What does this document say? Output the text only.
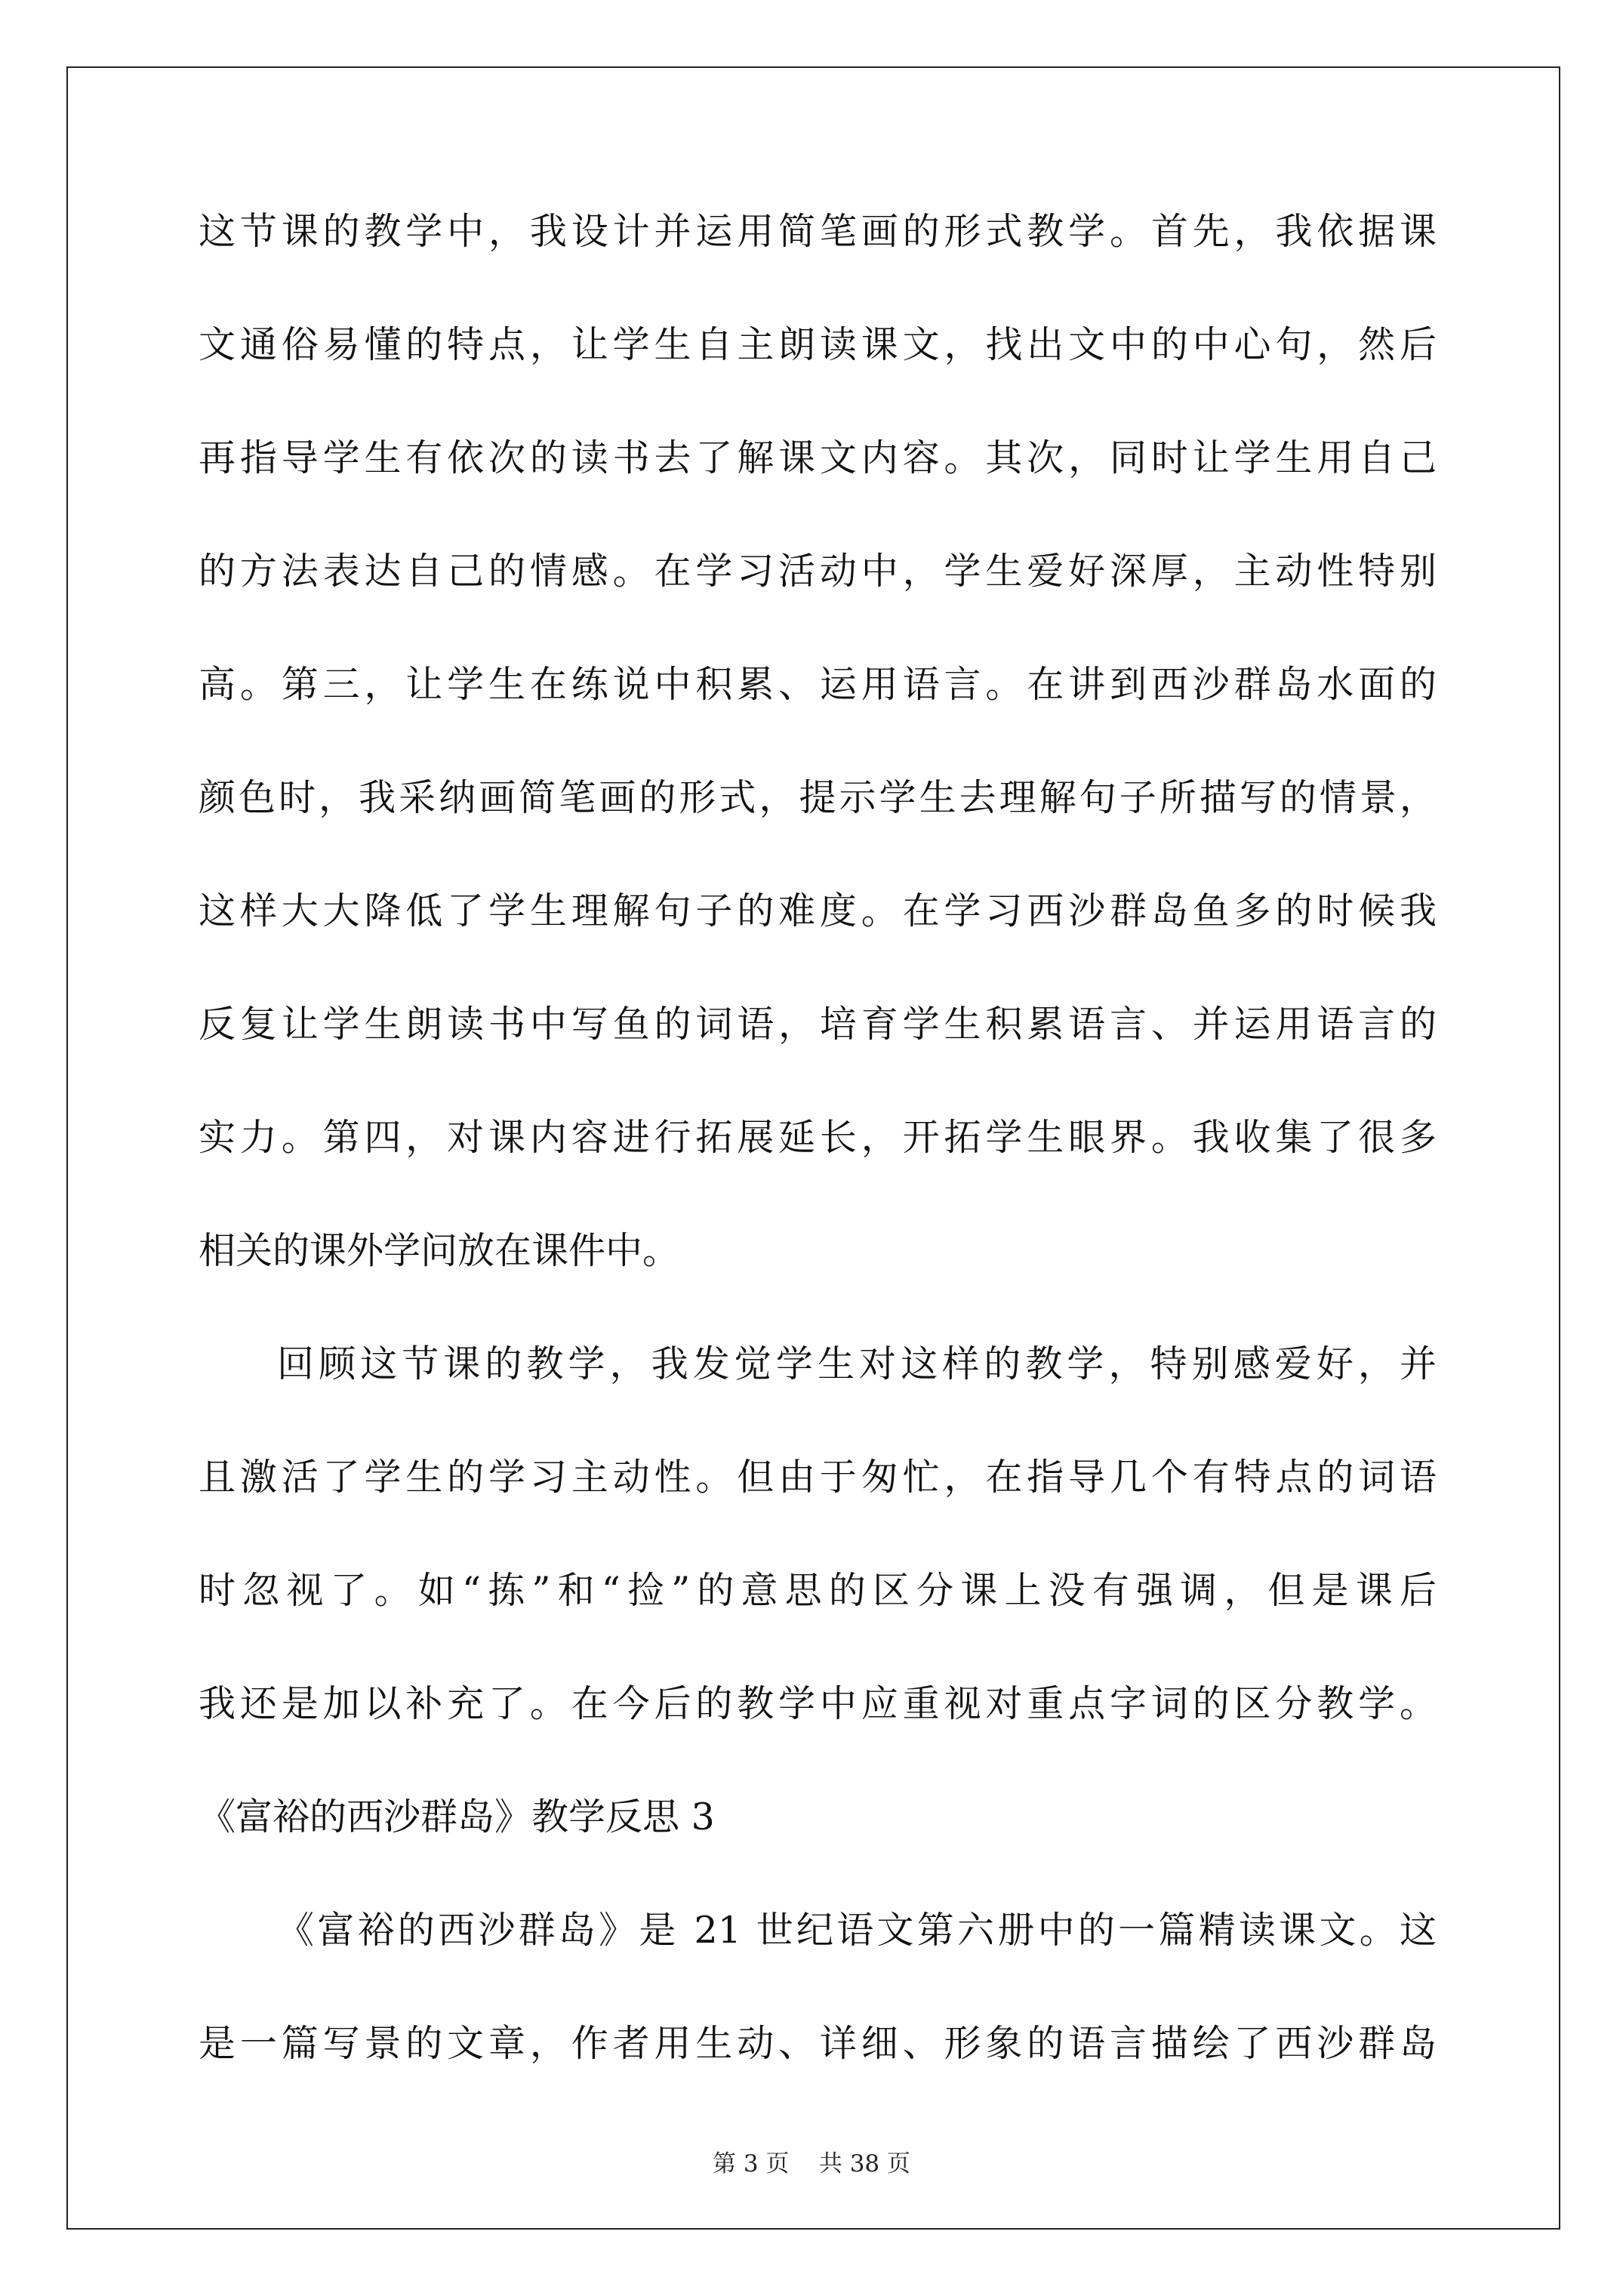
这节课的教学中，我设计并运用简笔画的形式教学。首先，我依据课
文通俗易懂的特点，让学生自主朗读课文，找出文中的中心句，然后
再指导学生有依次的读书去了解课文内容。其次，同时让学生用自己
的方法表达自己的情感。在学习活动中，学生爱好深厚，主动性特别
高。第三，让学生在练说中积累、运用语言。在讲到西沙群岛水面的
颜色时，我采纳画简笔画的形式，提示学生去理解句子所描写的情景，
这样大大降低了学生理解句子的难度。在学习西沙群岛鱼多的时候我
反复让学生朗读书中写鱼的词语，培育学生积累语言、并运用语言的
实力。第四，对课内容进行拓展延长，开拓学生眼界。我收集了很多
相关的课外学问放在课件中。
回顾这节课的教学，我发觉学生对这样的教学，特别感爱好，并
且激活了学生的学习主动性。但由于匆忙，在指导几个有特点的词语
时忽视了。如“拣”和“捡”的意思的区分课上没有强调，但是课后
我还是加以补充了。在今后的教学中应重视对重点字词的区分教学。
《富裕的西沙群岛》教学反思 3
《富裕的西沙群岛》是 21 世纪语文第六册中的一篇精读课文。这
是一篇写景的文章，作者用生动、详细、形象的语言描绘了西沙群岛
第 3 页 共 38 页
